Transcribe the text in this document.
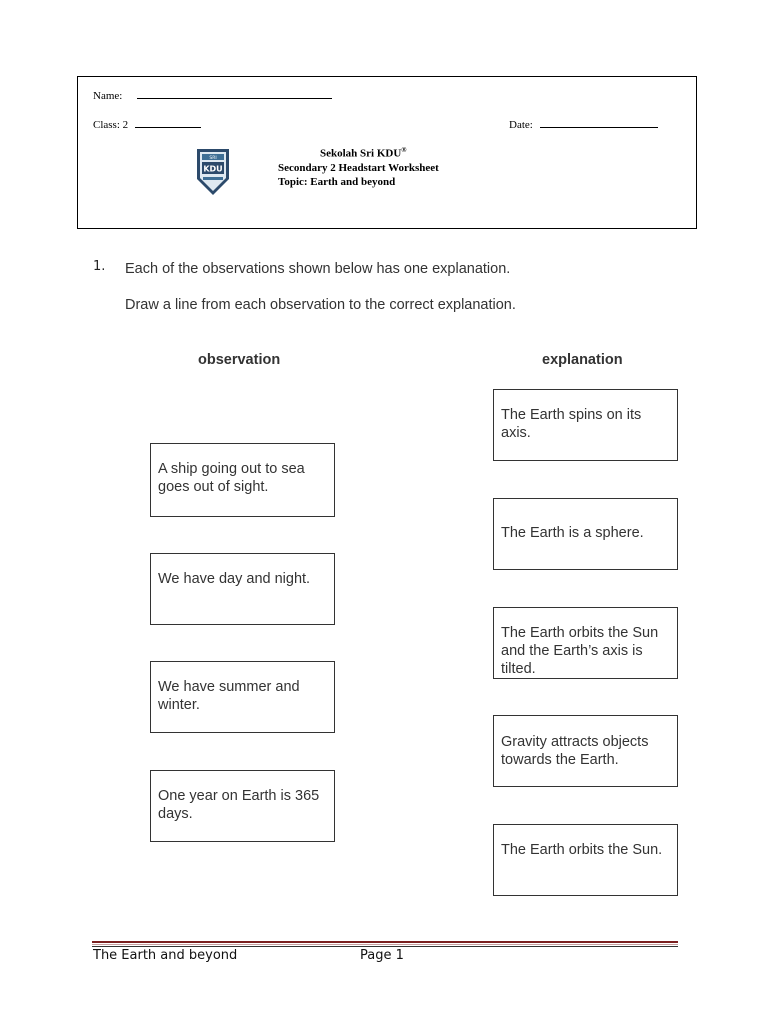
Name:
Class: 2	Date:
SRI
KDU
Sekolah Sri KDU®
Secondary 2 Headstart Worksheet
Topic: Earth and beyond
1. Each of the observations shown below has one explanation.
Draw a line from each observation to the correct explanation.
observation	explanation
A ship going out to sea goes out of sight.
We have day and night.
We have summer and winter.
One year on Earth is 365 days.
The Earth spins on its axis.
The Earth is a sphere.
The Earth orbits the Sun and the Earth’s axis is tilted.
Gravity attracts objects towards the Earth.
The Earth orbits the Sun.
The Earth and beyond	Page 1
